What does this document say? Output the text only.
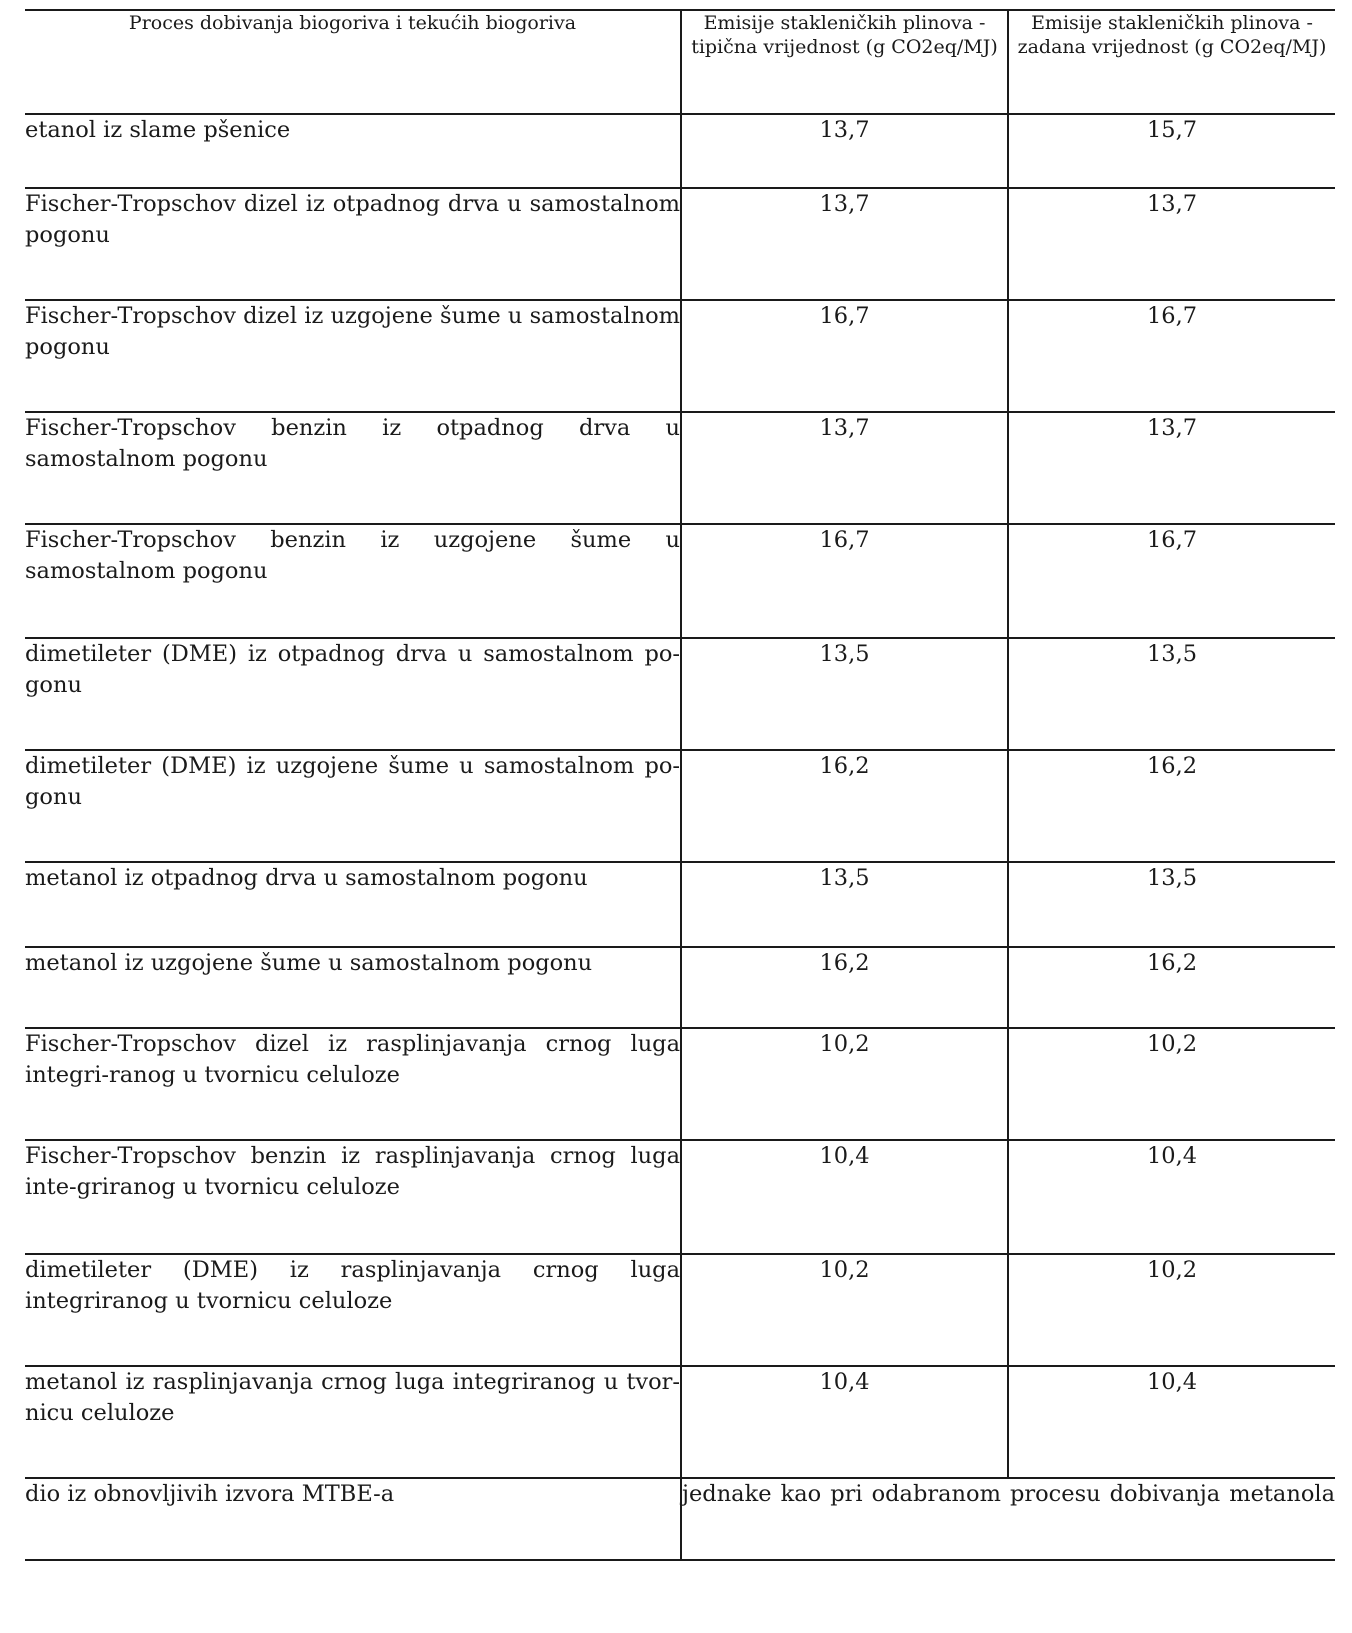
Proces dobivanja biogoriva i tekućih biogoriva	Emisije stakleničkih plinova - tipična vrijednost (g CO2eq/MJ)	Emisije stakleničkih plinova - zadana vrijednost (g CO2eq/MJ)
etanol iz slame pšenice	13,7	15,7
Fischer-Tropschov dizel iz otpadnog drva u samostalnom pogonu	13,7	13,7
Fischer-Tropschov dizel iz uzgojene šume u samostalnom pogonu	16,7	16,7
Fischer-Tropschov benzin iz otpadnog drva u samostalnom pogonu	13,7	13,7
Fischer-Tropschov benzin iz uzgojene šume u samostalnom pogonu	16,7	16,7
dimetileter (DME) iz otpadnog drva u samostalnom po-gonu	13,5	13,5
dimetileter (DME) iz uzgojene šume u samostalnom po-gonu	16,2	16,2
metanol iz otpadnog drva u samostalnom pogonu	13,5	13,5
metanol iz uzgojene šume u samostalnom pogonu	16,2	16,2
Fischer-Tropschov dizel iz rasplinjavanja crnog luga integri-ranog u tvornicu celuloze	10,2	10,2
Fischer-Tropschov benzin iz rasplinjavanja crnog luga inte-griranog u tvornicu celuloze	10,4	10,4
dimetileter (DME) iz rasplinjavanja crnog luga integriranog u tvornicu celuloze	10,2	10,2
metanol iz rasplinjavanja crnog luga integriranog u tvor-nicu celuloze	10,4	10,4
dio iz obnovljivih izvora MTBE-a	jednake kao pri odabranom procesu dobivanja metanola	
